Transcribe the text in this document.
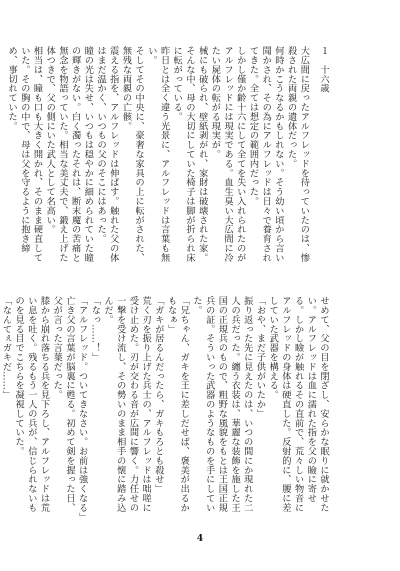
１　十六歳

大広間に戻ったアルフレッドを待っていたのは、惨殺された両親の遺体だった。

何時かこうなるかもしれない。そう幼い頃から言い聞かされ、その為にアルフレッドは日々で養育されてきた。全ては想定の範囲内だった。

しかし僅か齢十六にして全てを失い入れられたのがアルフレッドには現実である。血生臭い大広間に冷たい屍体の転がる現実が。

械にも破られ、壁紙剥がれ、家財は破壊された家。そんな中、母の大切にしていた椅子は脚が折られ床に転がっている。

昨日とは全く違う光景に、アルフレッドは言葉も無い。

そしてその中央に、豪奢な家具の上に転がされた、無残な両親の亡骸。

震える指を、アルフレッドは伸ばす。触れた父の体はまだ温かく、いつもの父のそこにはあった。

瞳の光は失せ、いつもは穏やかに細められていた瞳の輝きがない。白く濁ったそれは、断末魔の苦痛と無念を物語っていた。相当な美丈夫で、鍛え上げた体つきで、父の側にいた武人として名高い。

相当は、瞳も口も大きく開かれ、そのまま硬直していた。その胸の中で、母は父を守るように抱き締め、事切れていた。

せめて、父の目を閉ざし、安らかな眠りに就かせたい。アルフレッドは血に濡れた指を父の瞼に寄せる。しかし瞼が触れるその直前で、荒々しい物音にアルフレッドの身体は硬直した。反射的に、腰に差していた武器を構える。

「おや、まだ子供がいたか」

振り返った先に見えたのは、いつの間にか現れた二人の兵だった。纏う衣装は、華麗な装飾を施した王国の正規兵のもので、粗野な風貌をもとは王国正規兵の証。そういった武器のようなものを手にしていた。

「兄ちゃん、ガキを王に差しだせば、褒美が出るかもなぁ」

「ガキが居るんだったら、ガキもろとも殺せ」

荒く刃を振り上げた兵士の、アルフレッドは咄嗟に受け止めた。刃が交わる音が広間に響く。力任せの一撃を受け流し、その勢いのまま相手の懐に踏み込んだ。

「なっ……！」

「アルフレッド。ついてきなさい。お前は強くなる」

亡き父の言葉が脳裏に甦る。初めて剣を握った日、父が言った言葉だった。

膝から崩れ落ちる兵を見下ろし、アルフレッドは荒い息を吐く。残るもう一人の兵が、信じられないものを見る目でこちらを凝視していた。

「なんてぇガキだ……」

4
